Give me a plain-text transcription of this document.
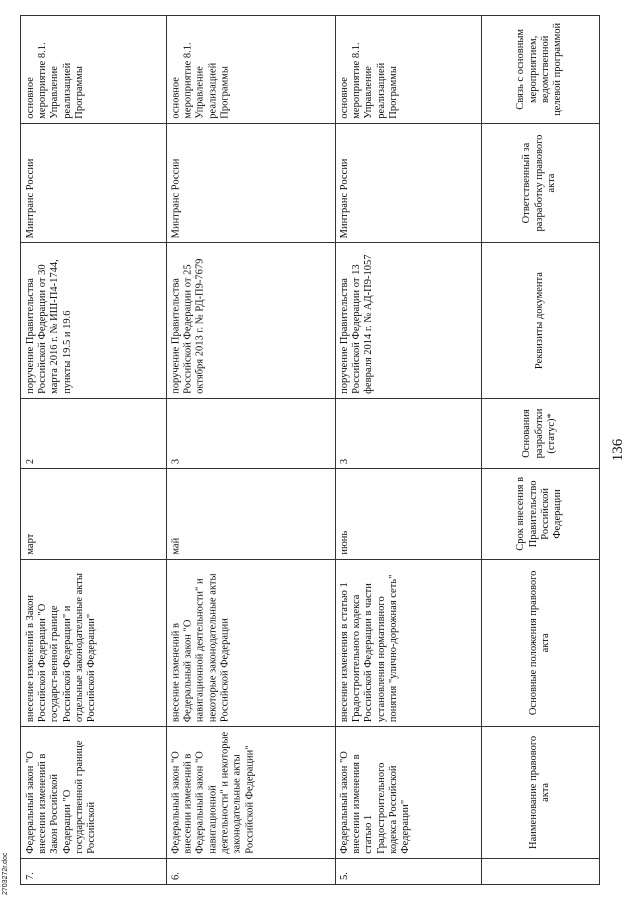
136
	Наименование правового акта	Основные положения правового акта	Срок внесения в Правительство Российской Федерации	Основания разработки (статус)*	Реквизиты документа	Ответственный за разработку правового акта	Связь с основным мероприятием, ведомственной целевой программой
5.	Федеральный закон "О внесении изменения в статью 1 Градостроительного кодекса Российской Федерации"	внесение изменения в статью 1 Градостроительного кодекса Российской Федерации в части установления нормативного понятия "улично-дорожная сеть"	июнь	3	поручение Правительства Российской Федерации от 13 февраля 2014 г. № АД-П9-1057	Минтранс России	основное мероприятие 8.1. Управление реализацией Программы
6.	Федеральный закон "О внесении изменений в Федеральный закон "О навигационной деятельности" и некоторые законодательные акты Российской Федерации"	внесение изменений в Федеральный закон "О навигационной деятельности" и некоторые законодательные акты Российской Федерации	май	3	поручение Правительства Российской Федерации от 25 октября 2013 г. № РД-П9-7679	Минтранс России	основное мероприятие 8.1. Управление реализацией Программы
7.	Федеральный закон "О внесении изменений в Закон Российской Федерации "О государственной границе Российской	внесение изменений в Закон Российской Федерации "О государст-венной границе Российской Федерации" и отдельные законодательные акты Российской Федерации"	март	2	поручение Правительства Российской Федерации от 30 марта 2016 г. № ИШ-П4-1744, пункты 19.5 и 19.6	Минтранс России	основное мероприятие 8.1. Управление реализацией Программы
2703272r.doc
